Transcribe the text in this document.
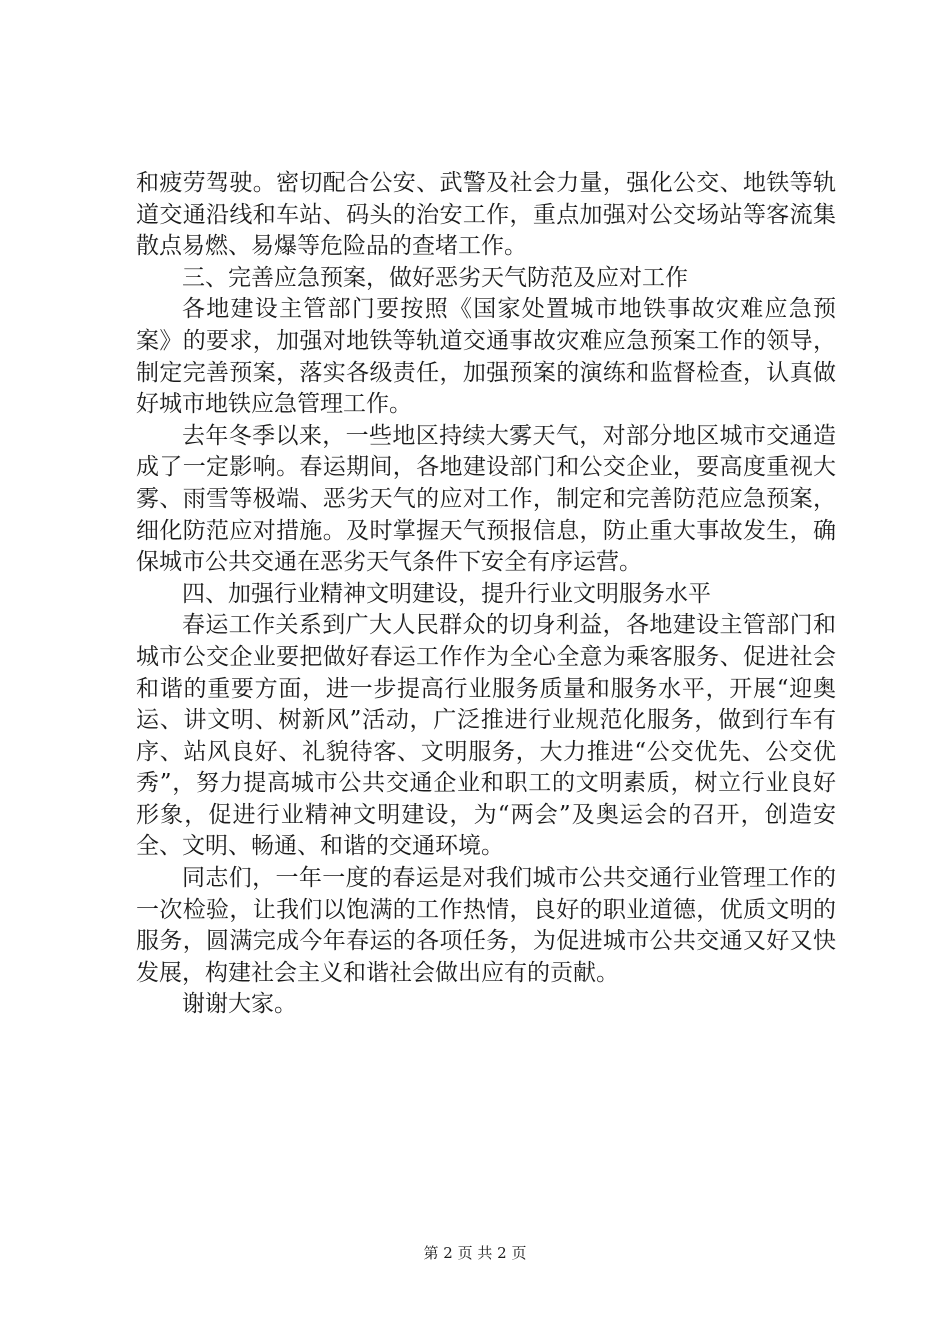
和疲劳驾驶。密切配合公安、武警及社会力量，强化公交、地铁等轨道交通沿线和车站、码头的治安工作，重点加强对公交场站等客流集散点易燃、易爆等危险品的查堵工作。

三、完善应急预案，做好恶劣天气防范及应对工作

各地建设主管部门要按照《国家处置城市地铁事故灾难应急预案》的要求，加强对地铁等轨道交通事故灾难应急预案工作的领导，制定完善预案，落实各级责任，加强预案的演练和监督检查，认真做好城市地铁应急管理工作。

去年冬季以来，一些地区持续大雾天气，对部分地区城市交通造成了一定影响。春运期间，各地建设部门和公交企业，要高度重视大雾、雨雪等极端、恶劣天气的应对工作，制定和完善防范应急预案，细化防范应对措施。及时掌握天气预报信息，防止重大事故发生，确保城市公共交通在恶劣天气条件下安全有序运营。

四、加强行业精神文明建设，提升行业文明服务水平

春运工作关系到广大人民群众的切身利益，各地建设主管部门和城市公交企业要把做好春运工作作为全心全意为乘客服务、促进社会和谐的重要方面，进一步提高行业服务质量和服务水平，开展“迎奥运、讲文明、树新风”活动，广泛推进行业规范化服务，做到行车有序、站风良好、礼貌待客、文明服务，大力推进“公交优先、公交优秀”，努力提高城市公共交通企业和职工的文明素质，树立行业良好形象，促进行业精神文明建设，为“两会”及奥运会的召开，创造安全、文明、畅通、和谐的交通环境。

同志们，一年一度的春运是对我们城市公共交通行业管理工作的一次检验，让我们以饱满的工作热情，良好的职业道德，优质文明的服务，圆满完成今年春运的各项任务，为促进城市公共交通又好又快发展，构建社会主义和谐社会做出应有的贡献。

谢谢大家。

第 2 页 共 2 页
